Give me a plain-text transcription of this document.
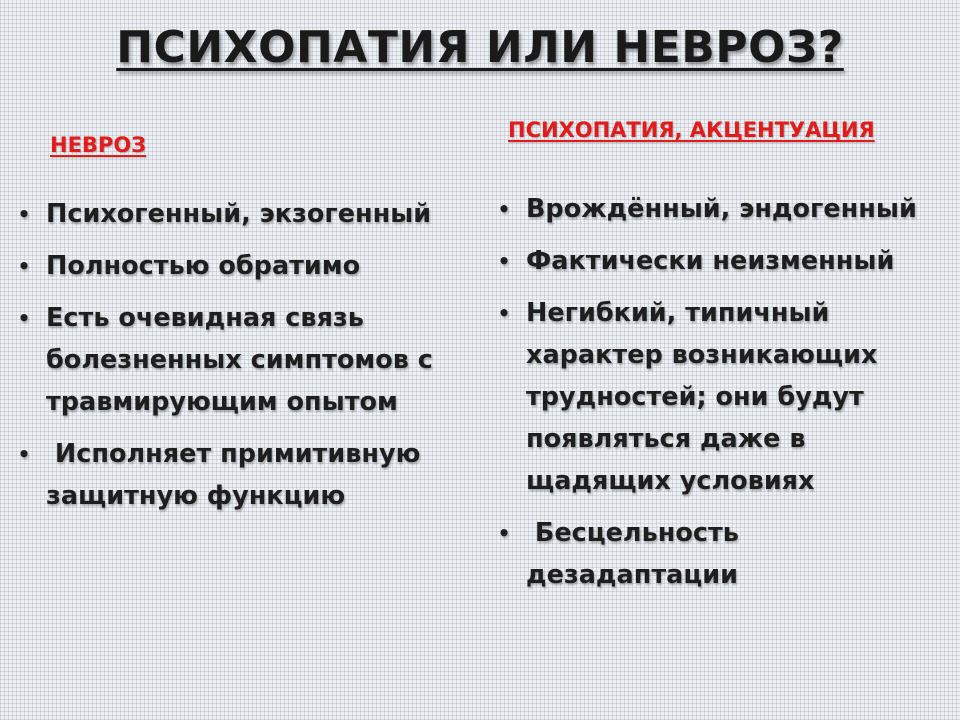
ПСИХОПАТИЯ ИЛИ НЕВРОЗ?
НЕВРОЗ
ПСИХОПАТИЯ, АКЦЕНТУАЦИЯ
• Психогенный, экзогенный
• Полностью обратимо
• Есть очевидная связь болезненных симптомов с травмирующим опытом
• Исполняет примитивную защитную функцию
• Врождённый, эндогенный
• Фактически неизменный
• Негибкий, типичный характер возникающих трудностей; они будут появляться даже в щадящих условиях
• Бесцельность дезадаптации
